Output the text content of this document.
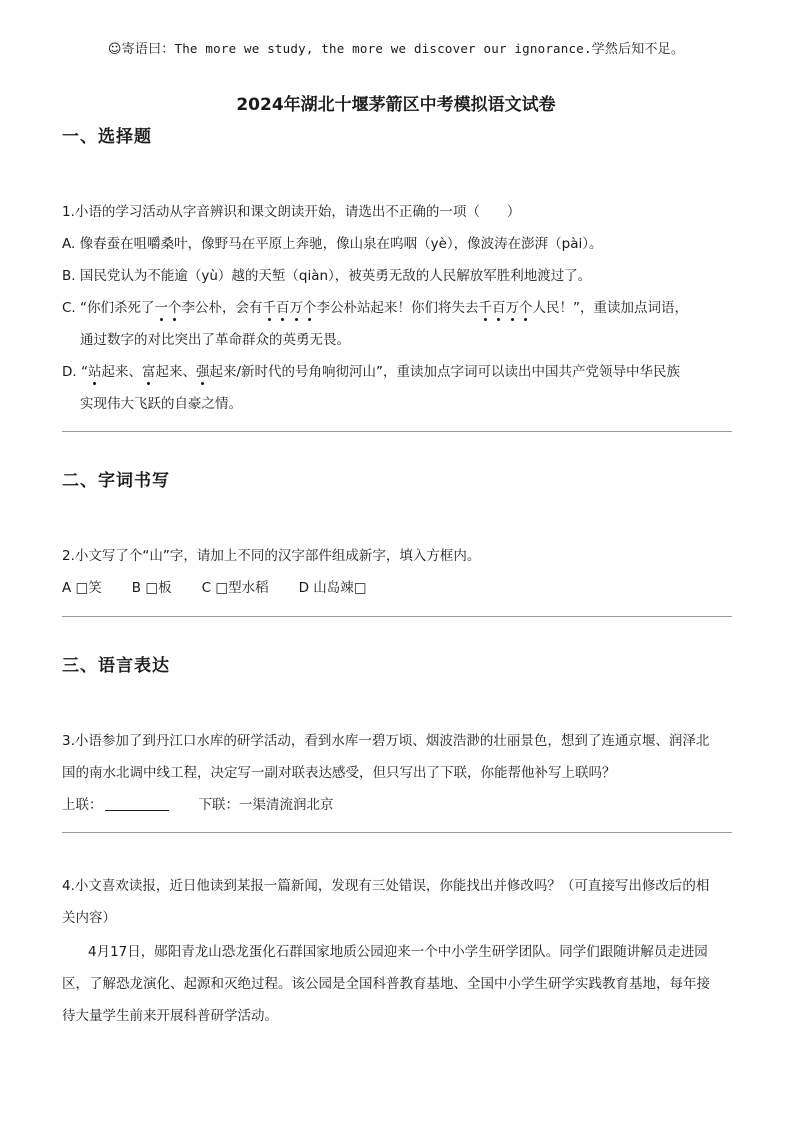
☺寄语曰：The more we study, the more we discover our ignorance.学然后知不足。
2024年湖北十堰茅箭区中考模拟语文试卷
一、选择题
1.小语的学习活动从字音辨识和课文朗读开始，请选出不正确的一项（　　）
A. 像春蚕在咀嚼桑叶，像野马在平原上奔驰，像山泉在呜咽（yè），像波涛在澎湃（pài）。
B. 国民党认为不能逾（yù）越的天堑（qiàn），被英勇无敌的人民解放军胜利地渡过了。
C. “你们杀死了一个李公朴，会有千百万个李公朴站起来！你们将失去千百万个人民！”，重读加点词语，
通过数字的对比突出了革命群众的英勇无畏。
D. “站起来、富起来、强起来/新时代的号角响彻河山”，重读加点字词可以读出中国共产党领导中华民族
实现伟大飞跃的自豪之情。
二、字词书写
2.小文写了个“山”字，请加上不同的汉字部件组成新字，填入方框内。
A □笑 B □板 C □型水稻 D 山岛竦□
三、语言表达
3.小语参加了到丹江口水库的研学活动，看到水库一碧万顷、烟波浩渺的壮丽景色，想到了连通京堰、润泽北
国的南水北调中线工程，决定写一副对联表达感受，但只写出了下联，你能帮他补写上联吗？
上联：	下联：一渠清流润北京
4.小文喜欢读报，近日他读到某报一篇新闻，发现有三处错误，你能找出并修改吗？（可直接写出修改后的相
关内容）
4月17日，郧阳青龙山恐龙蛋化石群国家地质公园迎来一个中小学生研学团队。同学们跟随讲解员走进园
区，了解恐龙演化、起源和灭绝过程。该公园是全国科普教育基地、全国中小学生研学实践教育基地，每年接
待大量学生前来开展科普研学活动。
